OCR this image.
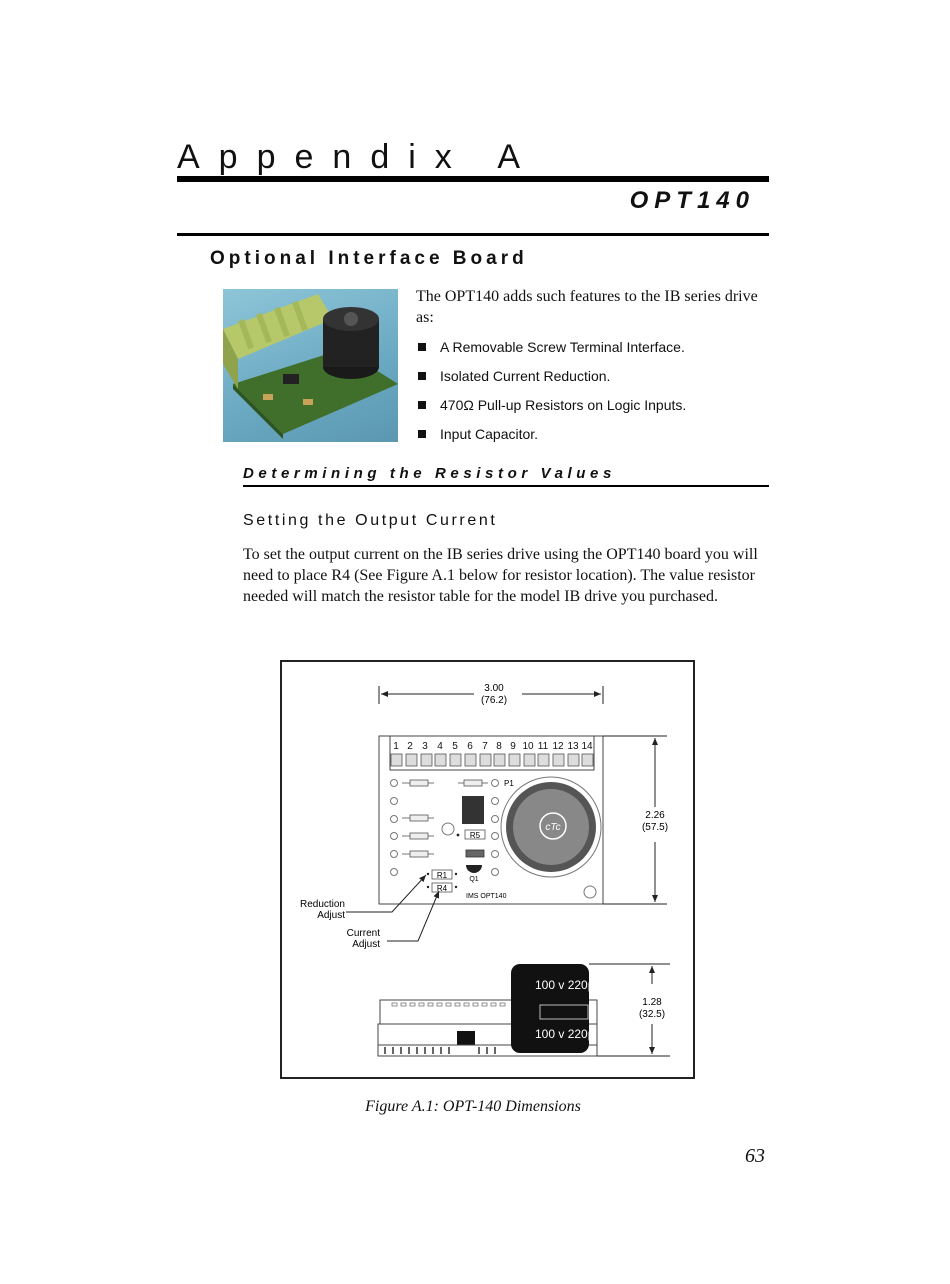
Appendix A
OPT140
Optional Interface Board
The OPT140 adds such features to the IB series drive as:
A Removable Screw Terminal Interface.
Isolated Current Reduction.
470Ω Pull-up Resistors on Logic Inputs.
Input Capacitor.
Determining the Resistor Values
Setting the Output Current
To set the output current on the IB series drive using the OPT140 board you will need to place R4 (See Figure A.1 below for resistor location). The value resistor needed will match the resistor table for the model IB drive you purchased.
3.00
(76.2)
1 2 3 4 5 6 7 8 9 10 11 12 13 14
P1
R5
R1
R4
Q1
IMS OPT140
cTc
2.26
(57.5)
Reduction
Adjust
Current
Adjust
100 v 220µ
100 v 220µ
1.28
(32.5)
Figure A.1: OPT-140 Dimensions
63
